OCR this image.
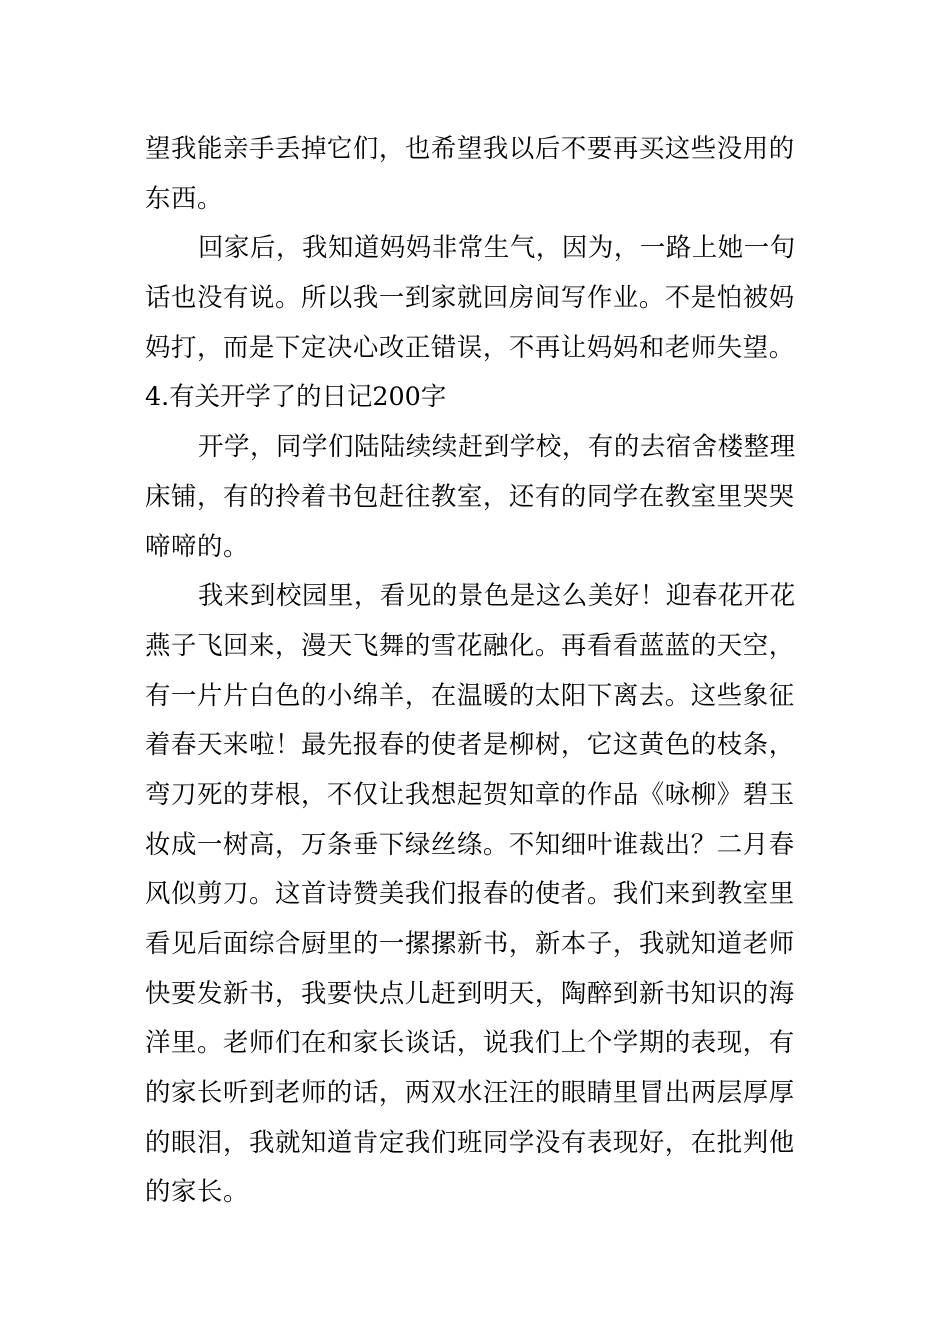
望我能亲手丢掉它们，也希望我以后不要再买这些没用的
东西。
回家后，我知道妈妈非常生气，因为，一路上她一句
话也没有说。所以我一到家就回房间写作业。不是怕被妈
妈打，而是下定决心改正错误，不再让妈妈和老师失望。
4.有关开学了的日记200字
开学，同学们陆陆续续赶到学校，有的去宿舍楼整理
床铺，有的拎着书包赶往教室，还有的同学在教室里哭哭
啼啼的。
我来到校园里，看见的景色是这么美好！迎春花开花
燕子飞回来，漫天飞舞的雪花融化。再看看蓝蓝的天空，
有一片片白色的小绵羊，在温暖的太阳下离去。这些象征
着春天来啦！最先报春的使者是柳树，它这黄色的枝条，
弯刀死的芽根，不仅让我想起贺知章的作品《咏柳》碧玉
妆成一树高，万条垂下绿丝绦。不知细叶谁裁出？二月春
风似剪刀。这首诗赞美我们报春的使者。我们来到教室里
看见后面综合厨里的一摞摞新书，新本子，我就知道老师
快要发新书，我要快点儿赶到明天，陶醉到新书知识的海
洋里。老师们在和家长谈话，说我们上个学期的表现，有
的家长听到老师的话，两双水汪汪的眼睛里冒出两层厚厚
的眼泪，我就知道肯定我们班同学没有表现好，在批判他
的家长。
